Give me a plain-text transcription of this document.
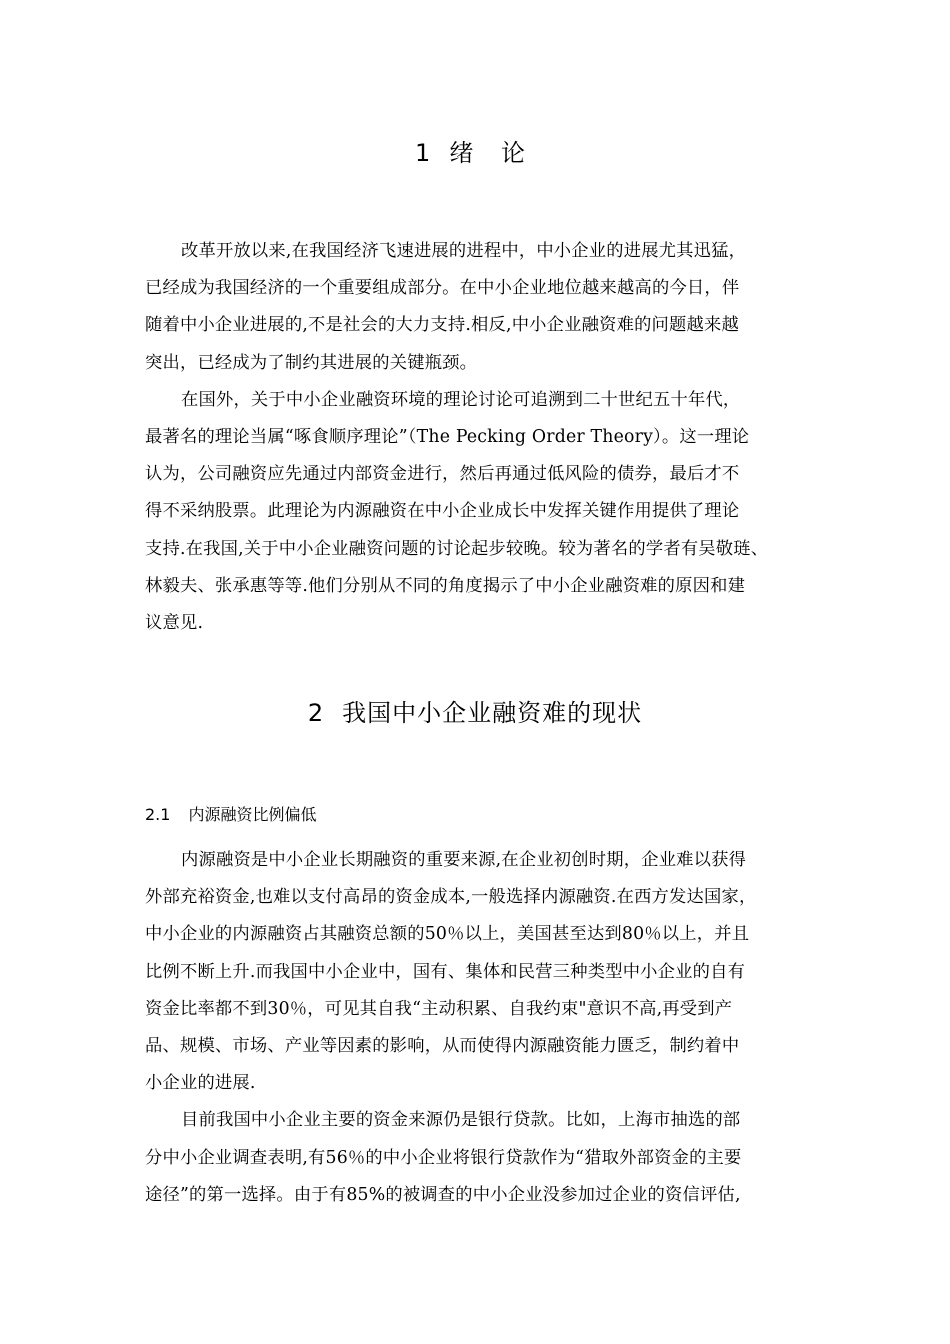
1 绪 论
改革开放以来,在我国经济飞速进展的进程中，中小企业的进展尤其迅猛，
已经成为我国经济的一个重要组成部分。在中小企业地位越来越高的今日，伴
随着中小企业进展的,不是社会的大力支持.相反,中小企业融资难的问题越来越
突出，已经成为了制约其进展的关键瓶颈。
在国外，关于中小企业融资环境的理论讨论可追溯到二十世纪五十年代，
最著名的理论当属“啄食顺序理论”（The Pecking Order Theory）。这一理论
认为，公司融资应先通过内部资金进行，然后再通过低风险的债券，最后才不
得不采纳股票。此理论为内源融资在中小企业成长中发挥关键作用提供了理论
支持.在我国,关于中小企业融资问题的讨论起步较晚。较为著名的学者有吴敬琏、
林毅夫、张承惠等等.他们分别从不同的角度揭示了中小企业融资难的原因和建
议意见.
2 我国中小企业融资难的现状
2.1 内源融资比例偏低
内源融资是中小企业长期融资的重要来源,在企业初创时期，企业难以获得
外部充裕资金,也难以支付高昂的资金成本,一般选择内源融资.在西方发达国家，
中小企业的内源融资占其融资总额的50％以上，美国甚至达到80％以上，并且
比例不断上升.而我国中小企业中，国有、集体和民营三种类型中小企业的自有
资金比率都不到30％，可见其自我“主动积累、自我约束"意识不高,再受到产
品、规模、市场、产业等因素的影响，从而使得内源融资能力匮乏，制约着中
小企业的进展.
目前我国中小企业主要的资金来源仍是银行贷款。比如，上海市抽选的部
分中小企业调查表明,有56％的中小企业将银行贷款作为“猎取外部资金的主要
途径”的第一选择。由于有85%的被调查的中小企业没参加过企业的资信评估,
